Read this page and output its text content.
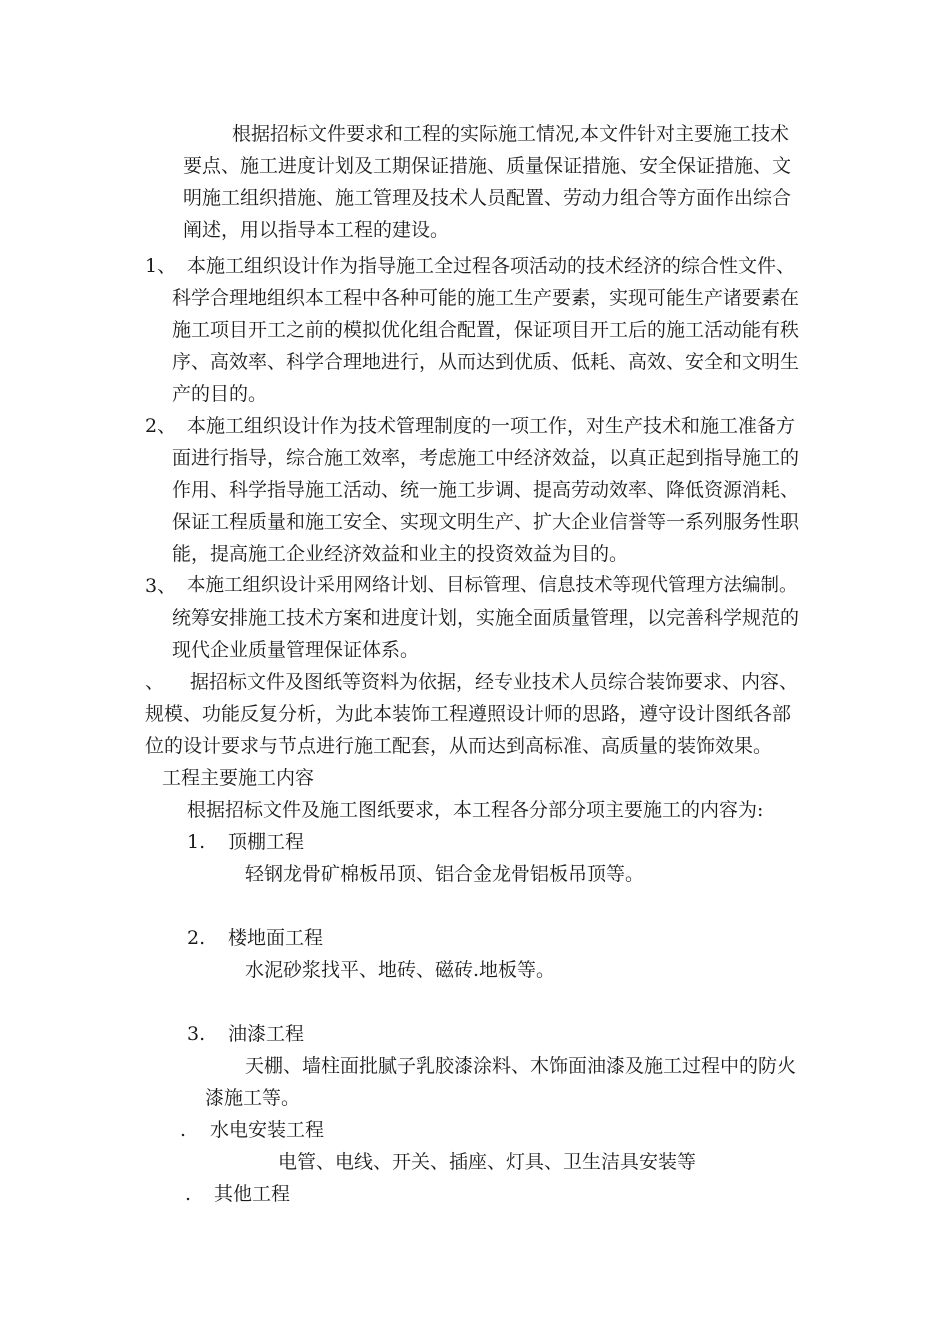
根据招标文件要求和工程的实际施工情况,本文件针对主要施工技术
要点、施工进度计划及工期保证措施、质量保证措施、安全保证措施、文
明施工组织措施、施工管理及技术人员配置、劳动力组合等方面作出综合
阐述，用以指导本工程的建设。
1、 本施工组织设计作为指导施工全过程各项活动的技术经济的综合性文件、
科学合理地组织本工程中各种可能的施工生产要素，实现可能生产诸要素在
施工项目开工之前的模拟优化组合配置，保证项目开工后的施工活动能有秩
序、高效率、科学合理地进行，从而达到优质、低耗、高效、安全和文明生
产的目的。
2、 本施工组织设计作为技术管理制度的一项工作，对生产技术和施工准备方
面进行指导，综合施工效率，考虑施工中经济效益，以真正起到指导施工的
作用、科学指导施工活动、统一施工步调、提高劳动效率、降低资源消耗、
保证工程质量和施工安全、实现文明生产、扩大企业信誉等一系列服务性职
能，提高施工企业经济效益和业主的投资效益为目的。
3、 本施工组织设计采用网络计划、目标管理、信息技术等现代管理方法编制。
统筹安排施工技术方案和进度计划，实施全面质量管理，以完善科学规范的
现代企业质量管理保证体系。
、 据招标文件及图纸等资料为依据，经专业技术人员综合装饰要求、内容、
规模、功能反复分析，为此本装饰工程遵照设计师的思路，遵守设计图纸各部
位的设计要求与节点进行施工配套，从而达到高标准、高质量的装饰效果。
工程主要施工内容
根据招标文件及施工图纸要求，本工程各分部分项主要施工的内容为:
1. 顶棚工程
轻钢龙骨矿棉板吊顶、铝合金龙骨铝板吊顶等。
2. 楼地面工程
水泥砂浆找平、地砖、磁砖.地板等。
3. 油漆工程
天棚、墙柱面批腻子乳胶漆涂料、木饰面油漆及施工过程中的防火
漆施工等。
. 水电安装工程
电管、电线、开关、插座、灯具、卫生洁具安装等
. 其他工程
